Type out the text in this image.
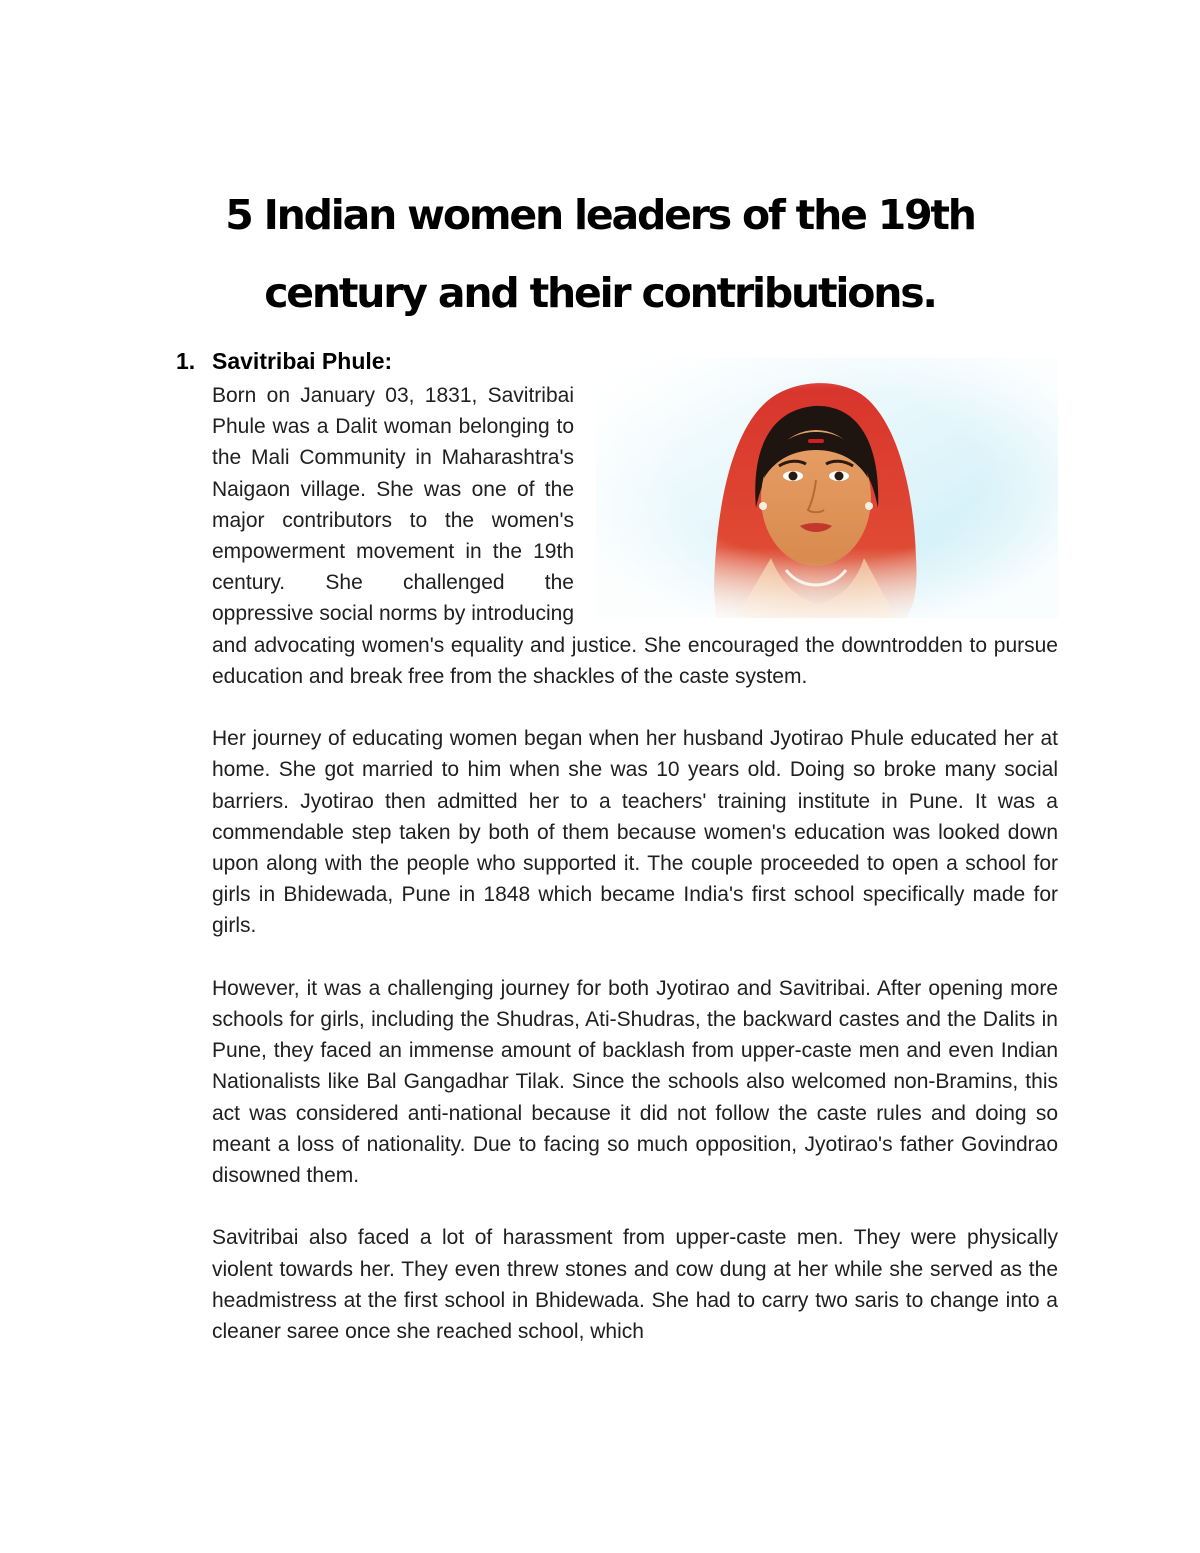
5 Indian women leaders of the 19th century and their contributions.
1. Savitribai Phule:

Born on January 03, 1831, Savitribai Phule was a Dalit woman belonging to the Mali Community in Maharashtra's Naigaon village. She was one of the major contributors to the women's empowerment movement in the 19th century. She challenged the oppressive social norms by introducing and advocating women's equality and justice. She encouraged the downtrodden to pursue education and break free from the shackles of the caste system.

Her journey of educating women began when her husband Jyotirao Phule educated her at home. She got married to him when she was 10 years old. Doing so broke many social barriers. Jyotirao then admitted her to a teachers' training institute in Pune. It was a commendable step taken by both of them because women's education was looked down upon along with the people who supported it. The couple proceeded to open a school for girls in Bhidewada, Pune in 1848 which became India's first school specifically made for girls.

However, it was a challenging journey for both Jyotirao and Savitribai. After opening more schools for girls, including the Shudras, Ati-Shudras, the backward castes and the Dalits in Pune, they faced an immense amount of backlash from upper-caste men and even Indian Nationalists like Bal Gangadhar Tilak. Since the schools also welcomed non-Bramins, this act was considered anti-national because it did not follow the caste rules and doing so meant a loss of nationality. Due to facing so much opposition, Jyotirao's father Govindrao disowned them.

Savitribai also faced a lot of harassment from upper-caste men. They were physically violent towards her. They even threw stones and cow dung at her while she served as the headmistress at the first school in Bhidewada. She had to carry two saris to change into a cleaner saree once she reached school, which
